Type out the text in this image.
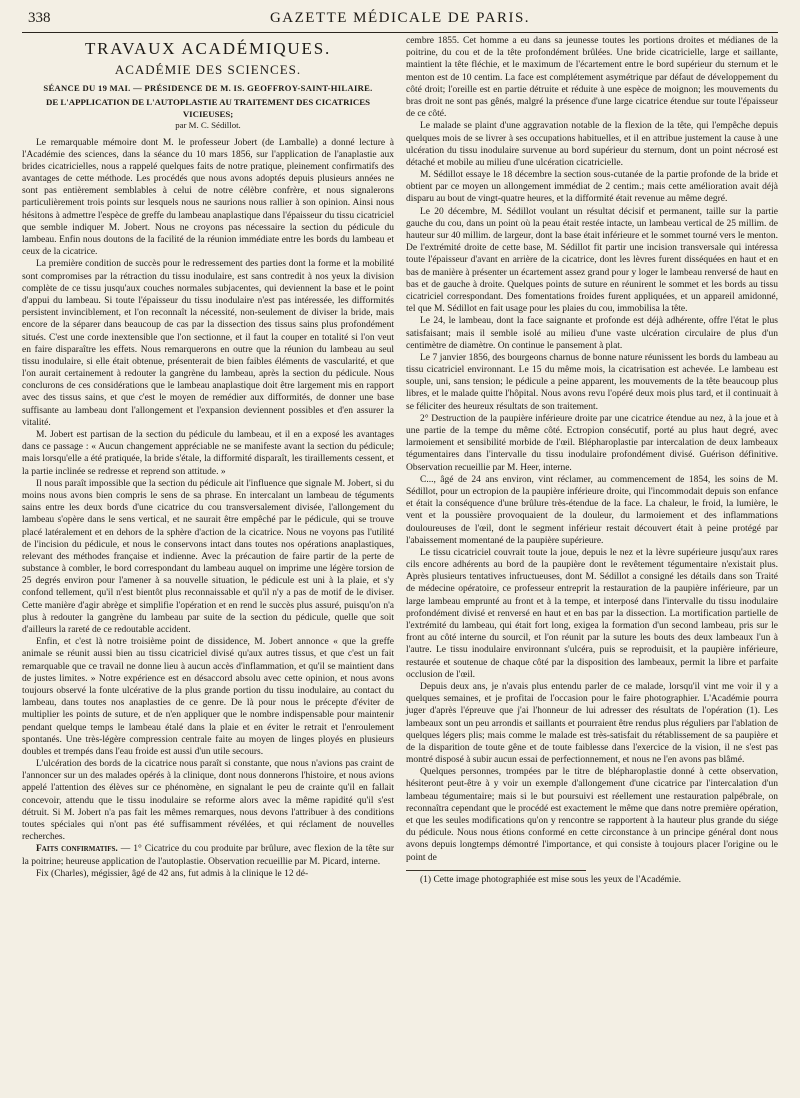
338	GAZETTE MÉDICALE DE PARIS.
TRAVAUX ACADÉMIQUES.
ACADÉMIE DES SCIENCES.
SÉANCE DU 19 MAI. — PRÉSIDENCE DE M. IS. GEOFFROY-SAINT-HILAIRE.
DE L'APPLICATION DE L'AUTOPLASTIE AU TRAITEMENT DES CICATRICES VICIEUSES;
par M. C. Sédillot.

Le remarquable mémoire dont M. le professeur Jobert (de Lamballe) a donné lecture à l'Académie des sciences, dans la séance du 10 mars 1856, sur l'application de l'anaplastie aux brides cicatricielles, nous a rappelé quelques faits de notre pratique, pleinement confirmatifs des avantages de cette méthode. Les procédés que nous avons adoptés depuis plusieurs années ne sont pas entièrement semblables à celui de notre célèbre confrère, et nous signalerons particulièrement trois points sur lesquels nous ne saurions nous rallier à son opinion. Ainsi nous hésitons à admettre l'espèce de greffe du lambeau anaplastique dans l'épaisseur du tissu cicatriciel que semble indiquer M. Jobert. Nous ne croyons pas nécessaire la section du pédicule du lambeau. Enfin nous doutons de la facilité de la réunion immédiate entre les bords du lambeau et ceux de la cicatrice.

La première condition de succès pour le redressement des parties dont la forme et la mobilité sont compromises par la rétraction du tissu inodulaire, est sans contredit à nos yeux la division complète de ce tissu jusqu'aux couches normales subjacentes, qui deviennent la base et le point d'appui du lambeau. Si toute l'épaisseur du tissu inodulaire n'est pas intéressée, les difformités persistent invinciblement, et l'on reconnaît la nécessité, non-seulement de diviser la bride, mais encore de la séparer dans beaucoup de cas par la dissection des tissus sains plus profondément situés. C'est une corde inextensible que l'on sectionne, et il faut la couper en totalité si l'on veut en faire disparaître les effets. Nous remarquerons en outre que la réunion du lambeau au seul tissu inodulaire, si elle était obtenue, présenterait de bien faibles éléments de vascularité, et que l'on aurait certainement à redouter la gangrène du lambeau, après la section du pédicule. Nous conclurons de ces considérations que le lambeau anaplastique doit être largement mis en rapport avec des tissus sains, et que c'est le moyen de remédier aux difformités, de donner une base suffisante au lambeau dont l'allongement et l'expansion deviennent possibles et d'en assurer la vitalité.

M. Jobert est partisan de la section du pédicule du lambeau, et il en a exposé les avantages dans ce passage : « Aucun changement appréciable ne se manifeste avant la section du pédicule; mais lorsqu'elle a été pratiquée, la bride s'étale, la difformité disparaît, les tiraillements cessent, et la partie inclinée se redresse et reprend son attitude. »

Il nous paraît impossible que la section du pédicule ait l'influence que signale M. Jobert, si du moins nous avons bien compris le sens de sa phrase. En intercalant un lambeau de téguments sains entre les deux bords d'une cicatrice du cou transversalement divisée, l'allongement du lambeau s'opère dans le sens vertical, et ne saurait être empêché par le pédicule, qui se trouve placé latéralement et en dehors de la sphère d'action de la cicatrice. Nous ne voyons pas l'utilité de l'incision du pédicule, et nous le conservons intact dans toutes nos opérations anaplastiques, relevant des méthodes française et indienne. Avec la précaution de faire partir de la perte de substance à combler, le bord correspondant du lambeau auquel on imprime une légère torsion de 25 degrés environ pour l'amener à sa nouvelle situation, le pédicule est uni à la plaie, et s'y confond tellement, qu'il n'est bientôt plus reconnaissable et qu'il n'y a pas de motif de le diviser. Cette manière d'agir abrège et simplifie l'opération et en rend le succès plus assuré, puisqu'on n'a plus à redouter la gangrène du lambeau par suite de la section du pédicule, quelle que soit d'ailleurs la rareté de ce redoutable accident.

Enfin, et c'est là notre troisième point de dissidence, M. Jobert annonce « que la greffe animale se réunit aussi bien au tissu cicatriciel divisé qu'aux autres tissus, et que c'est un fait remarquable que ce travail ne donne lieu à aucun accès d'inflammation, et qu'il se maintient dans de justes limites. » Notre expérience est en désaccord absolu avec cette opinion, et nous avons toujours observé la fonte ulcérative de la plus grande portion du tissu inodulaire, au contact du lambeau, dans toutes nos anaplasties de ce genre. De là pour nous le précepte d'éviter de multiplier les points de suture, et de n'en appliquer que le nombre indispensable pour maintenir pendant quelque temps le lambeau étalé dans la plaie et en éviter le retrait et l'enroulement spontanés. Une très-légère compression centrale faite au moyen de linges ployés en plusieurs doubles et trempés dans l'eau froide est aussi d'un utile secours.

L'ulcération des bords de la cicatrice nous paraît si constante, que nous n'avions pas craint de l'annoncer sur un des malades opérés à la clinique, dont nous donnerons l'histoire, et nous avions appelé l'attention des élèves sur ce phénomène, en signalant le peu de crainte qu'il en fallait concevoir, attendu que le tissu inodulaire se reforme alors avec la même rapidité qu'il s'est détruit. Si M. Jobert n'a pas fait les mêmes remarques, nous devons l'attribuer à des conditions toutes spéciales qui n'ont pas été suffisamment révélées, et qui réclament de nouvelles recherches.

Faits confirmatifs. — 1° Cicatrice du cou produite par brûlure, avec flexion de la tête sur la poitrine; heureuse application de l'autoplastie. Observation recueillie par M. Picard, interne.

Fix (Charles), mégissier, âgé de 42 ans, fut admis à la clinique le 12 dé-

cembre 1855. Cet homme a eu dans sa jeunesse toutes les portions droites et médianes de la poitrine, du cou et de la tête profondément brûlées. Une bride cicatricielle, large et saillante, maintient la tête fléchie, et le maximum de l'écartement entre le bord supérieur du sternum et le menton est de 10 centim. La face est complétement asymétrique par défaut de développement du côté droit; l'oreille est en partie détruite et réduite à une espèce de moignon; les mouvements du bras droit ne sont pas gênés, malgré la présence d'une large cicatrice étendue sur toute l'épaisseur de ce côté.

Le malade se plaint d'une aggravation notable de la flexion de la tête, qui l'empêche depuis quelques mois de se livrer à ses occupations habituelles, et il en attribue justement la cause à une ulcération du tissu inodulaire survenue au bord supérieur du sternum, dont un point nécrosé est détaché et mobile au milieu d'une ulcération cicatricielle.

M. Sédillot essaye le 18 décembre la section sous-cutanée de la partie profonde de la bride et obtient par ce moyen un allongement immédiat de 2 centim.; mais cette amélioration avait déjà disparu au bout de vingt-quatre heures, et la difformité était revenue au même degré.

Le 20 décembre, M. Sédillot voulant un résultat décisif et permanent, taille sur la partie gauche du cou, dans un point où la peau était restée intacte, un lambeau vertical de 25 millim. de hauteur sur 40 millim. de largeur, dont la base était inférieure et le sommet tourné vers le menton. De l'extrémité droite de cette base, M. Sédillot fit partir une incision transversale qui intéressa toute l'épaisseur d'avant en arrière de la cicatrice, dont les lèvres furent disséquées en haut et en bas de manière à présenter un écartement assez grand pour y loger le lambeau renversé de haut en bas et de gauche à droite. Quelques points de suture en réunirent le sommet et les bords au tissu cicatriciel correspondant. Des fomentations froides furent appliquées, et un appareil amidonné, tel que M. Sédillot en fait usage pour les plaies du cou, immobilisa la tête.

Le 24, le lambeau, dont la face saignante et profonde est déjà adhérente, offre l'état le plus satisfaisant; mais il semble isolé au milieu d'une vaste ulcération circulaire de plus d'un centimètre de diamètre. On continue le pansement à plat.

Le 7 janvier 1856, des bourgeons charnus de bonne nature réunissent les bords du lambeau au tissu cicatriciel environnant. Le 15 du même mois, la cicatrisation est achevée. Le lambeau est souple, uni, sans tension; le pédicule a peine apparent, les mouvements de la tête beaucoup plus libres, et le malade quitte l'hôpital. Nous avons revu l'opéré deux mois plus tard, et il continuait à se féliciter des heureux résultats de son traitement.

2° Destruction de la paupière inférieure droite par une cicatrice étendue au nez, à la joue et à une partie de la tempe du même côté. Ectropion consécutif, porté au plus haut degré, avec larmoiement et sensibilité morbide de l'œil. Blépharoplastie par intercalation de deux lambeaux tégumentaires dans l'intervalle du tissu inodulaire profondément divisé. Guérison définitive. Observation recueillie par M. Heer, interne.

C..., âgé de 24 ans environ, vint réclamer, au commencement de 1854, les soins de M. Sédillot, pour un ectropion de la paupière inférieure droite, qui l'incommodait depuis son enfance et était la conséquence d'une brûlure très-étendue de la face. La chaleur, le froid, la lumière, le vent et la poussière provoquaient de la douleur, du larmoiement et des inflammations douloureuses de l'œil, dont le segment inférieur restait découvert était à peine protégé par l'abaissement momentané de la paupière supérieure.

Le tissu cicatriciel couvrait toute la joue, depuis le nez et la lèvre supérieure jusqu'aux rares cils encore adhérents au bord de la paupière dont le revêtement tégumentaire n'existait plus. Après plusieurs tentatives infructueuses, dont M. Sédillot a consigné les détails dans son Traité de médecine opératoire, ce professeur entreprit la restauration de la paupière inférieure, par un large lambeau emprunté au front et à la tempe, et interposé dans l'intervalle du tissu inodulaire profondément divisé et renversé en haut et en bas par la dissection. La mortification partielle de l'extrémité du lambeau, qui était fort long, exigea la formation d'un second lambeau, pris sur le front au côté interne du sourcil, et l'on réunit par la suture les bouts des deux lambeaux l'un à l'autre. Le tissu inodulaire environnant s'ulcéra, puis se reproduisit, et la paupière inférieure, restaurée et soutenue de chaque côté par la disposition des lambeaux, permit la libre et parfaite occlusion de l'œil.

Depuis deux ans, je n'avais plus entendu parler de ce malade, lorsqu'il vint me voir il y a quelques semaines, et je profitai de l'occasion pour le faire photographier. L'Académie pourra juger d'après l'épreuve que j'ai l'honneur de lui adresser des résultats de l'opération (1). Les lambeaux sont un peu arrondis et saillants et pourraient être rendus plus réguliers par l'ablation de quelques légers plis; mais comme le malade est très-satisfait du rétablissement de sa paupière et de la disparition de toute gêne et de toute faiblesse dans l'exercice de la vision, il ne s'est pas montré disposé à subir aucun essai de perfectionnement, et nous ne l'en avons pas blâmé.

Quelques personnes, trompées par le titre de blépharoplastie donné à cette observation, hésiteront peut-être à y voir un exemple d'allongement d'une cicatrice par l'intercalation d'un lambeau tégumentaire; mais si le but poursuivi est réellement une restauration palpébrale, on reconnaîtra cependant que le procédé est exactement le même que dans notre première opération, et que les seules modifications qu'on y rencontre se rapportent à la hauteur plus grande du siége du pédicule. Nous nous étions conformé en cette circonstance à un principe général dont nous avons depuis longtemps démontré l'importance, et qui consiste à toujours placer l'origine ou le point de

(1) Cette image photographiée est mise sous les yeux de l'Académie.
